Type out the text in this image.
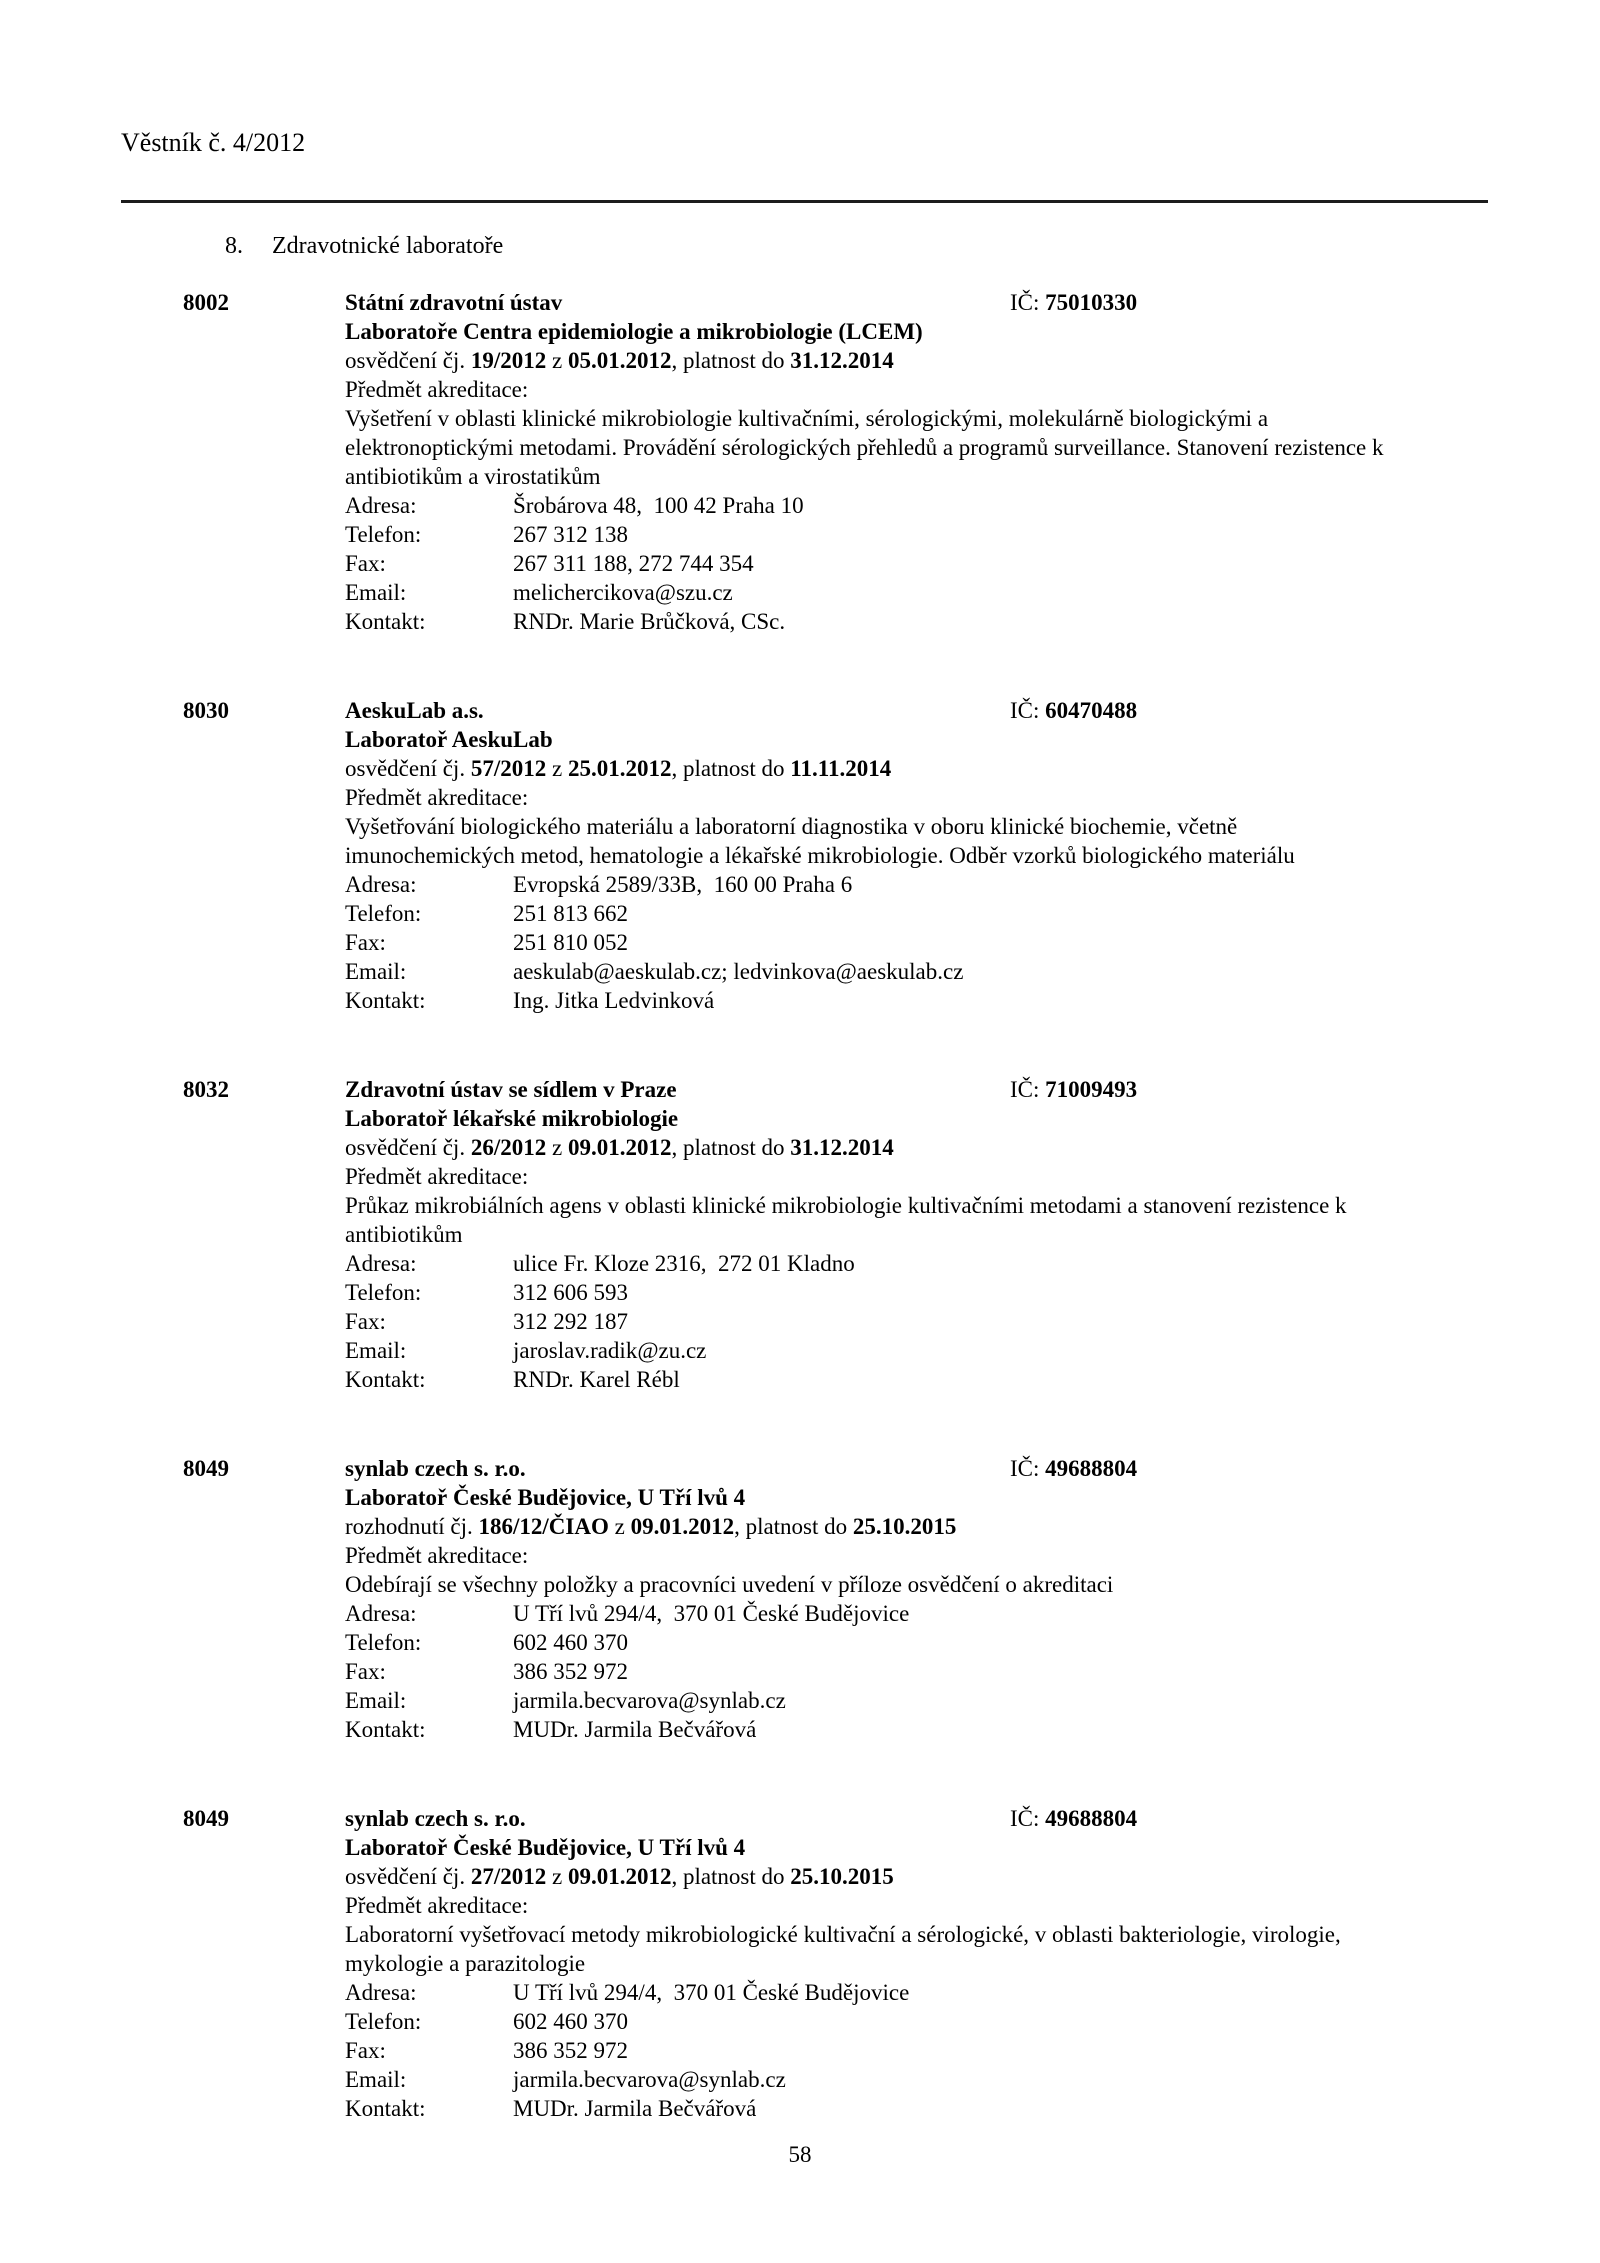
Věstník č. 4/2012
8. Zdravotnické laboratoře
8002	Státní zdravotní ústav	IČ: 75010330
Laboratoře Centra epidemiologie a mikrobiologie (LCEM)
osvědčení čj. 19/2012 z 05.01.2012, platnost do 31.12.2014
Předmět akreditace:
Vyšetření v oblasti klinické mikrobiologie kultivačními, sérologickými, molekulárně biologickými a elektronoptickými metodami. Provádění sérologických přehledů a programů surveillance. Stanovení rezistence k antibiotikům a virostatikům
Adresa:	Šrobárova 48,  100 42 Praha 10
Telefon:	267 312 138
Fax:	267 311 188, 272 744 354
Email:	melichercikova@szu.cz
Kontakt:	RNDr. Marie Brůčková, CSc.
8030	AeskuLab a.s.	IČ: 60470488
Laboratoř AeskuLab
osvědčení čj. 57/2012 z 25.01.2012, platnost do 11.11.2014
Předmět akreditace:
Vyšetřování biologického materiálu a laboratorní diagnostika v oboru klinické biochemie, včetně imunochemických metod, hematologie a lékařské mikrobiologie. Odběr vzorků biologického materiálu
Adresa:	Evropská 2589/33B,  160 00 Praha 6
Telefon:	251 813 662
Fax:	251 810 052
Email:	aeskulab@aeskulab.cz; ledvinkova@aeskulab.cz
Kontakt:	Ing. Jitka Ledvinková
8032	Zdravotní ústav se sídlem v Praze	IČ: 71009493
Laboratoř lékařské mikrobiologie
osvědčení čj. 26/2012 z 09.01.2012, platnost do 31.12.2014
Předmět akreditace:
Průkaz mikrobiálních agens v oblasti klinické mikrobiologie kultivačními metodami a stanovení rezistence k antibiotikům
Adresa:	ulice Fr. Kloze 2316,  272 01 Kladno
Telefon:	312 606 593
Fax:	312 292 187
Email:	jaroslav.radik@zu.cz
Kontakt:	RNDr. Karel Rébl
8049	synlab czech s. r.o.	IČ: 49688804
Laboratoř České Budějovice, U Tří lvů 4
rozhodnutí čj. 186/12/ČIAO z 09.01.2012, platnost do 25.10.2015
Předmět akreditace:
Odebírají se všechny položky a pracovníci uvedení v příloze osvědčení o akreditaci
Adresa:	U Tří lvů 294/4,  370 01 České Budějovice
Telefon:	602 460 370
Fax:	386 352 972
Email:	jarmila.becvarova@synlab.cz
Kontakt:	MUDr. Jarmila Bečvářová
8049	synlab czech s. r.o.	IČ: 49688804
Laboratoř České Budějovice, U Tří lvů 4
osvědčení čj. 27/2012 z 09.01.2012, platnost do 25.10.2015
Předmět akreditace:
Laboratorní vyšetřovací metody mikrobiologické kultivační a sérologické, v oblasti bakteriologie, virologie, mykologie a parazitologie
Adresa:	U Tří lvů 294/4,  370 01 České Budějovice
Telefon:	602 460 370
Fax:	386 352 972
Email:	jarmila.becvarova@synlab.cz
Kontakt:	MUDr. Jarmila Bečvářová
58
